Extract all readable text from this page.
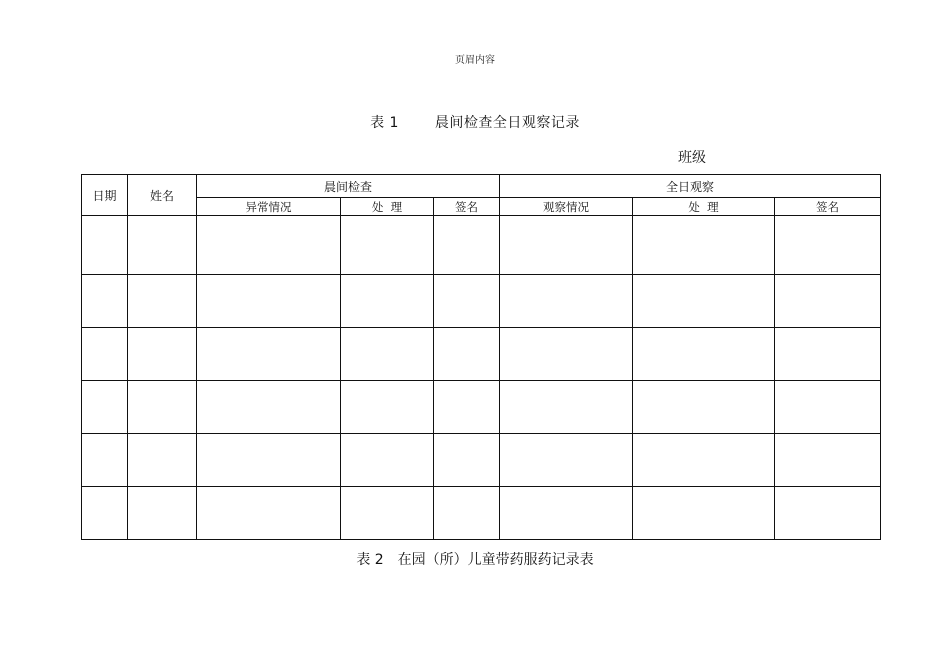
页眉内容
表 1	晨间检查全日观察记录
班级
日期	姓名	晨间检查			全日观察		
		异常情况	处  理	签名	观察情况	处  理	签名

表 2 在园（所）儿童带药服药记录表
